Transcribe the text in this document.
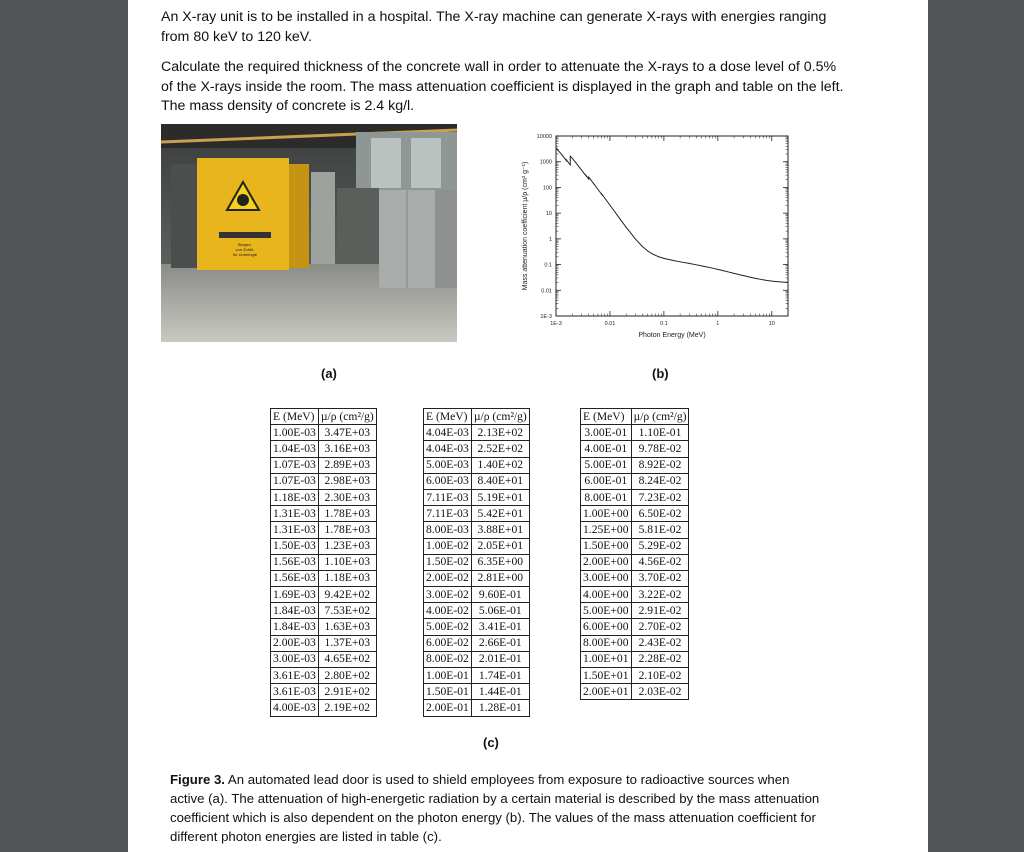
An X-ray unit is to be installed in a hospital. The X-ray machine can generate X-rays with energies ranging from 80 keV to 120 keV.

Calculate the required thickness of the concrete wall in order to attenuate the X-rays to a dose level of 0.5% of the X-rays inside the room. The mass attenuation coefficient is displayed in the graph and table on the left. The mass density of concrete is 2.4 kg/l.

Bergen von Zutritt für Unbefugte
1E-3
0.01
0.1
1
10
100
1000
10000
1E-3	0.01	0.1	1	10
Photon Energy (MeV)
Mass attenuation coefficient µ/ρ (cm² g⁻¹)
(a)	(b)
E (MeV)	µ/ρ (cm²/g)
1.00E-03	3.47E+03
1.04E-03	3.16E+03
1.07E-03	2.89E+03
1.07E-03	2.98E+03
1.18E-03	2.30E+03
1.31E-03	1.78E+03
1.31E-03	1.78E+03
1.50E-03	1.23E+03
1.56E-03	1.10E+03
1.56E-03	1.18E+03
1.69E-03	9.42E+02
1.84E-03	7.53E+02
1.84E-03	1.63E+03
2.00E-03	1.37E+03
3.00E-03	4.65E+02
3.61E-03	2.80E+02
3.61E-03	2.91E+02
4.00E-03	2.19E+02
E (MeV)	µ/ρ (cm²/g)
4.04E-03	2.13E+02
4.04E-03	2.52E+02
5.00E-03	1.40E+02
6.00E-03	8.40E+01
7.11E-03	5.19E+01
7.11E-03	5.42E+01
8.00E-03	3.88E+01
1.00E-02	2.05E+01
1.50E-02	6.35E+00
2.00E-02	2.81E+00
3.00E-02	9.60E-01
4.00E-02	5.06E-01
5.00E-02	3.41E-01
6.00E-02	2.66E-01
8.00E-02	2.01E-01
1.00E-01	1.74E-01
1.50E-01	1.44E-01
2.00E-01	1.28E-01
E (MeV)	µ/ρ (cm²/g)
3.00E-01	1.10E-01
4.00E-01	9.78E-02
5.00E-01	8.92E-02
6.00E-01	8.24E-02
8.00E-01	7.23E-02
1.00E+00	6.50E-02
1.25E+00	5.81E-02
1.50E+00	5.29E-02
2.00E+00	4.56E-02
3.00E+00	3.70E-02
4.00E+00	3.22E-02
5.00E+00	2.91E-02
6.00E+00	2.70E-02
8.00E+00	2.43E-02
1.00E+01	2.28E-02
1.50E+01	2.10E-02
2.00E+01	2.03E-02
(c)

Figure 3. An automated lead door is used to shield employees from exposure to radioactive sources when active (a). The attenuation of high-energetic radiation by a certain material is described by the mass attenuation coefficient which is also dependent on the photon energy (b). The values of the mass attenuation coefficient for different photon energies are listed in table (c).
